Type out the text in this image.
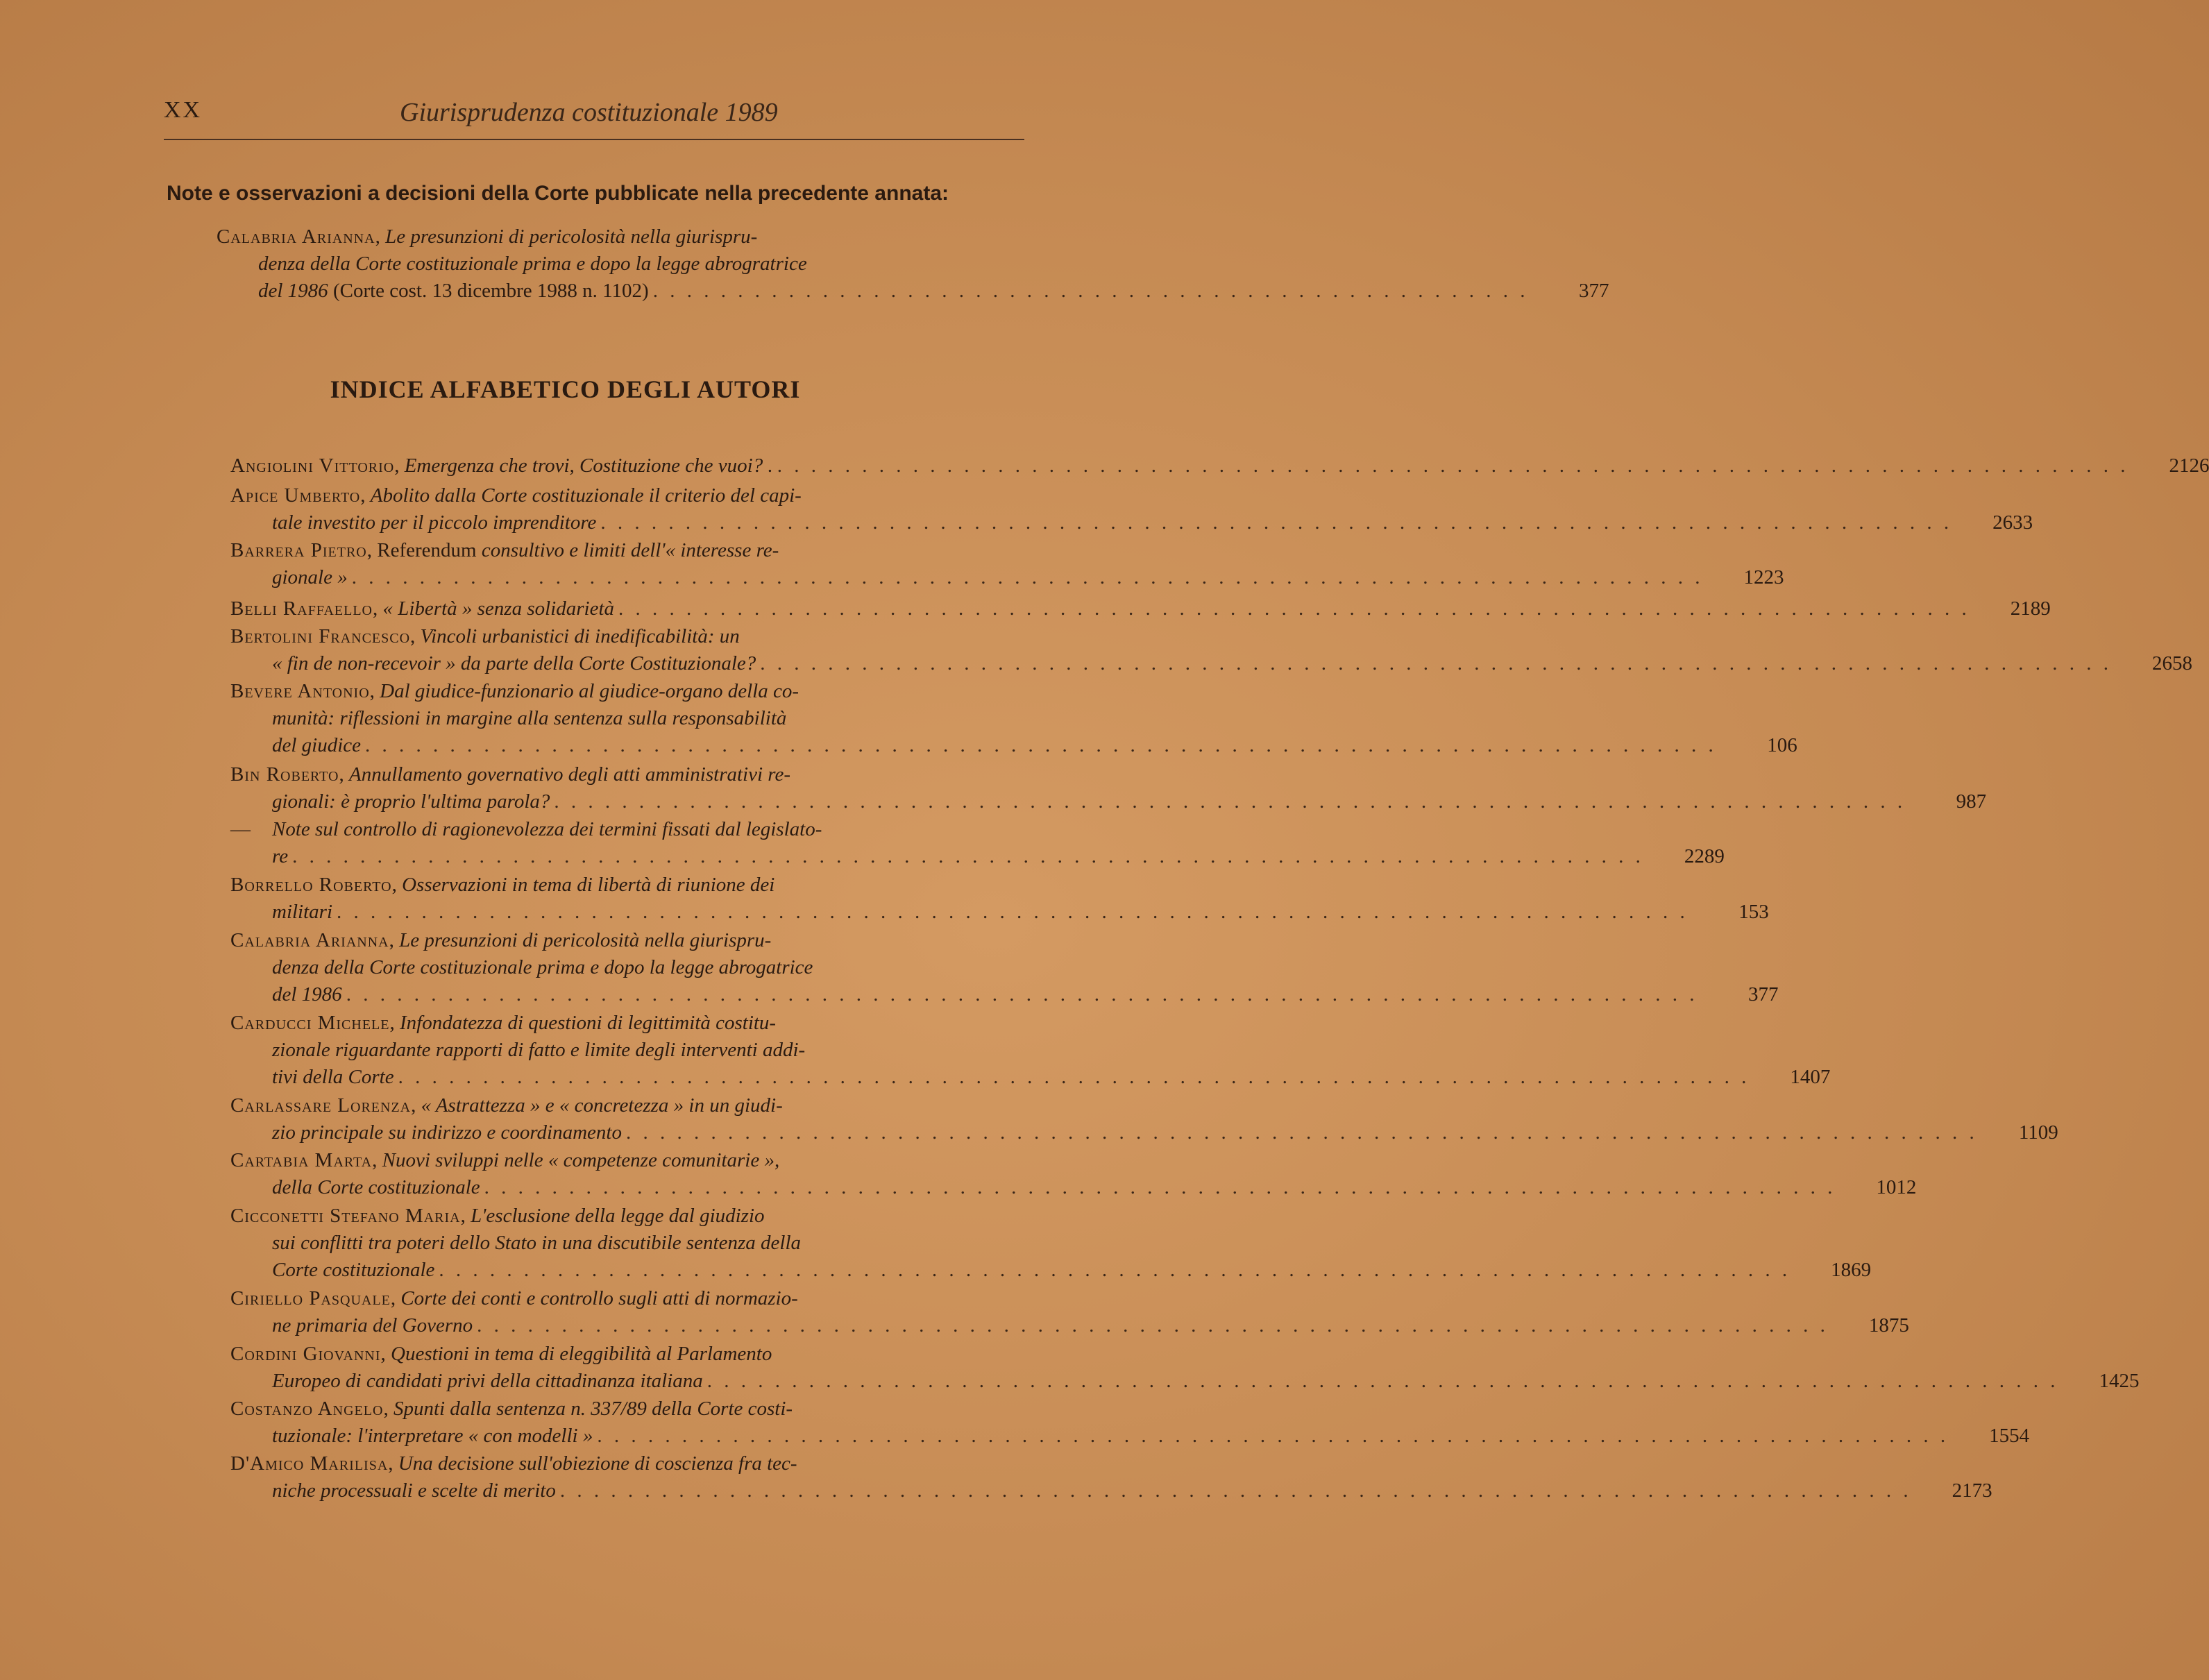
XX	Giurisprudenza costituzionale 1989
Note e osservazioni a decisioni della Corte pubblicate nella precedente annata:
Calabria Arianna, Le presunzioni di pericolosità nella giurispru-
denza della Corte costituzionale prima e dopo la legge abrogratrice
del 1986 (Corte cost. 13 dicembre 1988 n. 1102) . . . . . . . . . . . . . . . . . . . . . . . . . . . . . . . . . . . . . . . . . . . . . . . . . . . .	377
INDICE ALFABETICO DEGLI AUTORI
Angiolini Vittorio, Emergenza che trovi, Costituzione che vuoi? . . . . . . . . . . . . . . . . . . . . . . . . . . . . . . . . . . . . . . . . . . . . . . . . . . . . . . . . . . . . . . . . . . . . . . . . . . . . . . . . .	2126
Apice Umberto, Abolito dalla Corte costituzionale il criterio del capi-
tale investito per il piccolo imprenditore . . . . . . . . . . . . . . . . . . . . . . . . . . . . . . . . . . . . . . . . . . . . . . . . . . . . . . . . . . . . . . . . . . . . . . . . . . . . . . . .	2633
Barrera Pietro, Referendum consultivo e limiti dell'« interesse re-
gionale » . . . . . . . . . . . . . . . . . . . . . . . . . . . . . . . . . . . . . . . . . . . . . . . . . . . . . . . . . . . . . . . . . . . . . . . . . . . . . . . .	1223
Belli Raffaello, « Libertà » senza solidarietà . . . . . . . . . . . . . . . . . . . . . . . . . . . . . . . . . . . . . . . . . . . . . . . . . . . . . . . . . . . . . . . . . . . . . . . . . . . . . . . .	2189
Bertolini Francesco, Vincoli urbanistici di inedificabilità: un
« fin de non-recevoir » da parte della Corte Costituzionale? . . . . . . . . . . . . . . . . . . . . . . . . . . . . . . . . . . . . . . . . . . . . . . . . . . . . . . . . . . . . . . . . . . . . . . . . . . . . . . . .	2658
Bevere Antonio, Dal giudice-funzionario al giudice-organo della co-
munità: riflessioni in margine alla sentenza sulla responsabilità
del giudice . . . . . . . . . . . . . . . . . . . . . . . . . . . . . . . . . . . . . . . . . . . . . . . . . . . . . . . . . . . . . . . . . . . . . . . . . . . . . . . .	106
Bin Roberto, Annullamento governativo degli atti amministrativi re-
gionali: è proprio l'ultima parola? . . . . . . . . . . . . . . . . . . . . . . . . . . . . . . . . . . . . . . . . . . . . . . . . . . . . . . . . . . . . . . . . . . . . . . . . . . . . . . . .	987
— Note sul controllo di ragionevolezza dei termini fissati dal legislato-
re . . . . . . . . . . . . . . . . . . . . . . . . . . . . . . . . . . . . . . . . . . . . . . . . . . . . . . . . . . . . . . . . . . . . . . . . . . . . . . . .	2289
Borrello Roberto, Osservazioni in tema di libertà di riunione dei
militari . . . . . . . . . . . . . . . . . . . . . . . . . . . . . . . . . . . . . . . . . . . . . . . . . . . . . . . . . . . . . . . . . . . . . . . . . . . . . . . .	153
Calabria Arianna, Le presunzioni di pericolosità nella giurispru-
denza della Corte costituzionale prima e dopo la legge abrogatrice
del 1986 . . . . . . . . . . . . . . . . . . . . . . . . . . . . . . . . . . . . . . . . . . . . . . . . . . . . . . . . . . . . . . . . . . . . . . . . . . . . . . . .	377
Carducci Michele, Infondatezza di questioni di legittimità costitu-
zionale riguardante rapporti di fatto e limite degli interventi addi-
tivi della Corte . . . . . . . . . . . . . . . . . . . . . . . . . . . . . . . . . . . . . . . . . . . . . . . . . . . . . . . . . . . . . . . . . . . . . . . . . . . . . . . .	1407
Carlassare Lorenza, « Astrattezza » e « concretezza » in un giudi-
zio principale su indirizzo e coordinamento . . . . . . . . . . . . . . . . . . . . . . . . . . . . . . . . . . . . . . . . . . . . . . . . . . . . . . . . . . . . . . . . . . . . . . . . . . . . . . . .	1109
Cartabia Marta, Nuovi sviluppi nelle « competenze comunitarie »,
della Corte costituzionale . . . . . . . . . . . . . . . . . . . . . . . . . . . . . . . . . . . . . . . . . . . . . . . . . . . . . . . . . . . . . . . . . . . . . . . . . . . . . . . .	1012
Cicconetti Stefano Maria, L'esclusione della legge dal giudizio
sui conflitti tra poteri dello Stato in una discutibile sentenza della
Corte costituzionale . . . . . . . . . . . . . . . . . . . . . . . . . . . . . . . . . . . . . . . . . . . . . . . . . . . . . . . . . . . . . . . . . . . . . . . . . . . . . . . .	1869
Ciriello Pasquale, Corte dei conti e controllo sugli atti di normazio-
ne primaria del Governo . . . . . . . . . . . . . . . . . . . . . . . . . . . . . . . . . . . . . . . . . . . . . . . . . . . . . . . . . . . . . . . . . . . . . . . . . . . . . . . .	1875
Cordini Giovanni, Questioni in tema di eleggibilità al Parlamento
Europeo di candidati privi della cittadinanza italiana . . . . . . . . . . . . . . . . . . . . . . . . . . . . . . . . . . . . . . . . . . . . . . . . . . . . . . . . . . . . . . . . . . . . . . . . . . . . . . . .	1425
Costanzo Angelo, Spunti dalla sentenza n. 337/89 della Corte costi-
tuzionale: l'interpretare « con modelli » . . . . . . . . . . . . . . . . . . . . . . . . . . . . . . . . . . . . . . . . . . . . . . . . . . . . . . . . . . . . . . . . . . . . . . . . . . . . . . . .	1554
D'Amico Marilisa, Una decisione sull'obiezione di coscienza fra tec-
niche processuali e scelte di merito . . . . . . . . . . . . . . . . . . . . . . . . . . . . . . . . . . . . . . . . . . . . . . . . . . . . . . . . . . . . . . . . . . . . . . . . . . . . . . . .	2173
